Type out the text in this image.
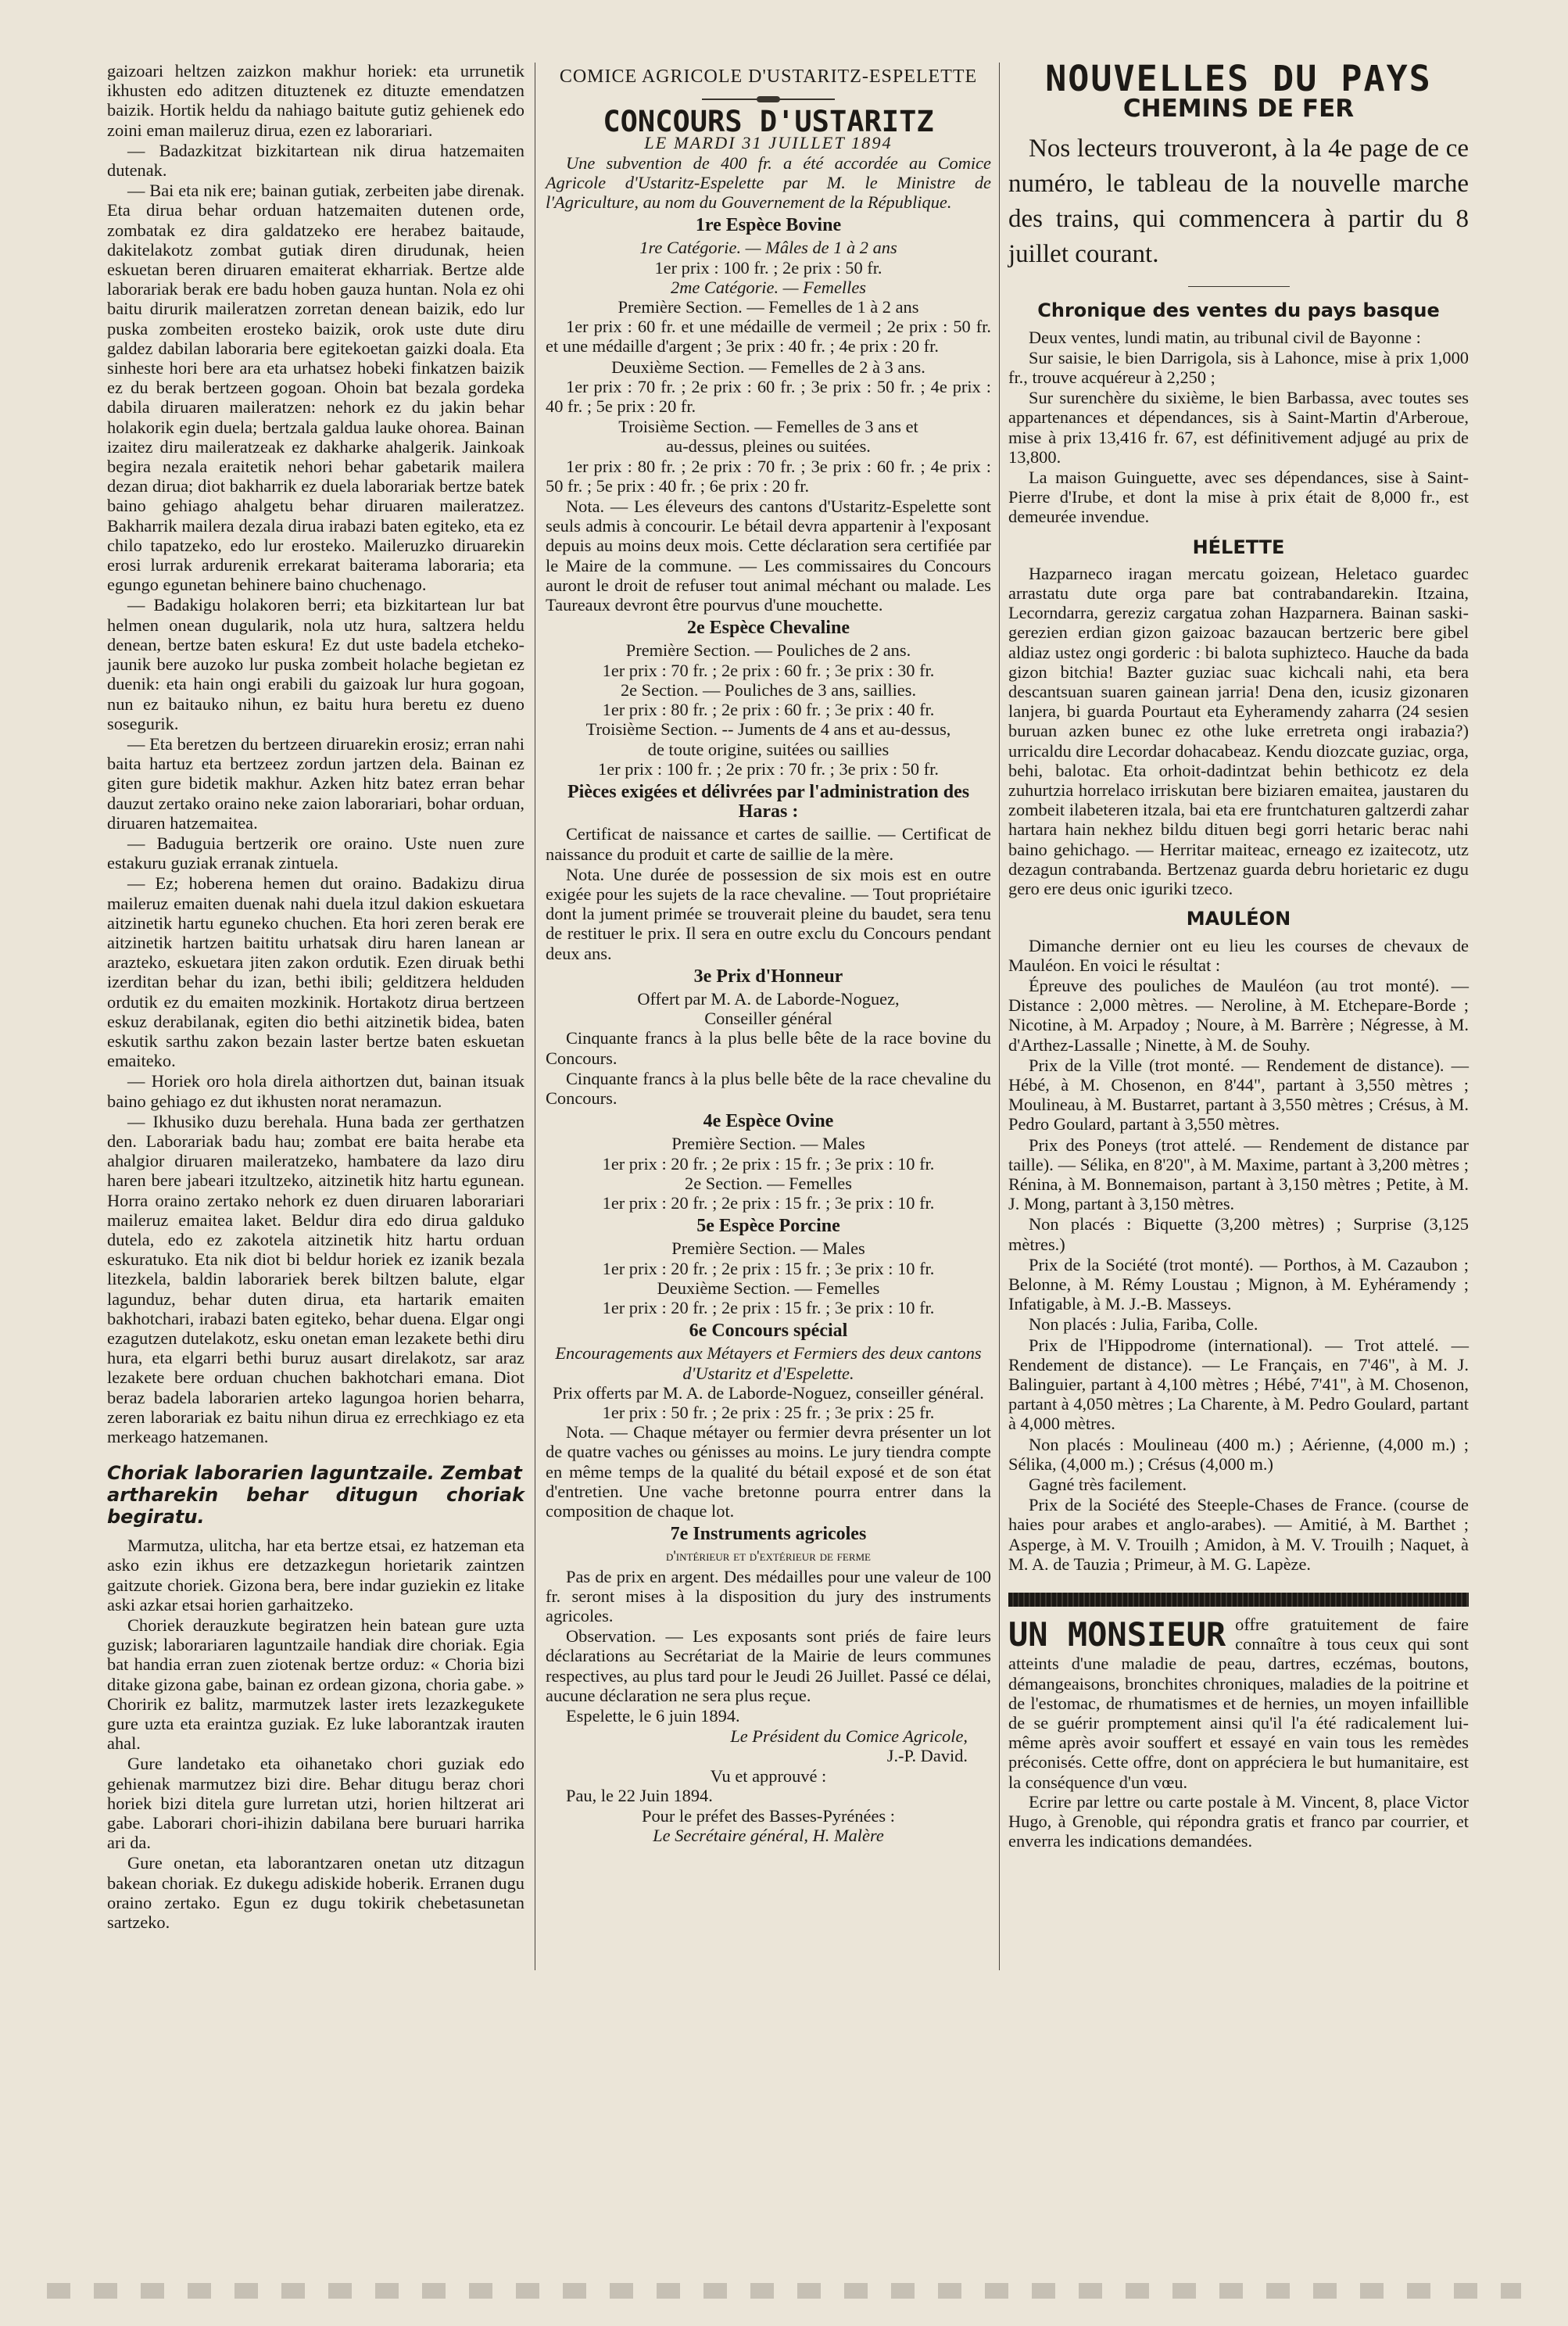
gaizoari heltzen zaizkon makhur horiek: eta urrunetik ikhusten edo aditzen dituztenek ez dituzte emendatzen baizik. Hortik heldu da nahiago baitute gutiz gehienek edo zoini eman maileruz dirua, ezen ez laborariari.

— Badazkitzat bizkitartean nik dirua hatzemaiten dutenak.

— Bai eta nik ere; bainan gutiak, zerbeiten jabe direnak. Eta dirua behar orduan hatzemaiten dutenen orde, zombatak ez dira galdatzeko ere herabez baitaude, dakitelakotz zombat gutiak diren dirudunak, heien eskuetan beren diruaren emaiterat ekharriak. Bertze alde laborariak berak ere badu hoben gauza huntan. Nola ez ohi baitu dirurik maileratzen zorretan denean baizik, edo lur puska zombeiten erosteko baizik, orok uste dute diru galdez dabilan laboraria bere egitekoetan gaizki doala. Eta sinheste hori bere ara eta urhatsez hobeki finkatzen baizik ez du berak bertzeen gogoan. Ohoin bat bezala gordeka dabila diruaren maileratzen: nehork ez du jakin behar holakorik egin duela; bertzala galdua lauke ohorea. Bainan izaitez diru maileratzeak ez dakharke ahalgerik. Jainkoak begira nezala eraitetik nehori behar gabetarik mailera dezan dirua; diot bakharrik ez duela laborariak bertze batek baino gehiago ahalgetu behar diruaren maileratzez. Bakharrik mailera dezala dirua irabazi baten egiteko, eta ez chilo tapatzeko, edo lur erosteko. Maileruzko diruarekin erosi lurrak ardurenik errekarat baiterama laboraria; eta egungo egunetan behinere baino chuchenago.

— Badakigu holakoren berri; eta bizkitartean lur bat helmen onean dugularik, nola utz hura, saltzera heldu denean, bertze baten eskura! Ez dut uste badela etcheko-jaunik bere auzoko lur puska zombeit holache begietan ez duenik: eta hain ongi erabili du gaizoak lur hura gogoan, nun ez baitauko nihun, ez baitu hura beretu ez dueno sosegurik.

— Eta beretzen du bertzeen diruarekin erosiz; erran nahi baita hartuz eta bertzeez zordun jartzen dela. Bainan ez giten gure bidetik makhur. Azken hitz batez erran behar dauzut zertako oraino neke zaion laborariari, bohar orduan, diruaren hatzemaitea.

— Baduguia bertzerik ore oraino. Uste nuen zure estakuru guziak erranak zintuela.

— Ez; hoberena hemen dut oraino. Badakizu dirua maileruz emaiten duenak nahi duela itzul dakion eskuetara aitzinetik hartu eguneko chuchen. Eta hori zeren berak ere aitzinetik hartzen baititu urhatsak diru haren lanean ar arazteko, eskuetara jiten zakon ordutik. Ezen diruak bethi izerditan behar du izan, bethi ibili; gelditzera helduden ordutik ez du emaiten mozkinik. Hortakotz dirua bertzeen eskuz derabilanak, egiten dio bethi aitzinetik bidea, baten eskutik sarthu zakon bezain laster bertze baten eskuetan emaiteko.

— Horiek oro hola direla aithortzen dut, bainan itsuak baino gehiago ez dut ikhusten norat neramazun.

— Ikhusiko duzu berehala. Huna bada zer gerthatzen den. Laborariak badu hau; zombat ere baita herabe eta ahalgior diruaren maileratzeko, hambatere da lazo diru haren bere jabeari itzultzeko, aitzinetik hitz hartu egunean. Horra oraino zertako nehork ez duen diruaren laborariari maileruz emaitea laket. Beldur dira edo dirua galduko dutela, edo ez zakotela aitzinetik hitz hartu orduan eskuratuko. Eta nik diot bi beldur horiek ez izanik bezala litezkela, baldin laborariek berek biltzen balute, elgar lagunduz, behar duten dirua, eta hartarik emaiten bakhotchari, irabazi baten egiteko, behar duena. Elgar ongi ezagutzen dutelakotz, esku onetan eman lezakete bethi diru hura, eta elgarri bethi buruz ausart direlakotz, sar araz lezakete bere orduan chuchen bakhotchari emana. Diot beraz badela laborarien arteko lagungoa horien beharra, zeren laborariak ez baitu nihun dirua ez errechkiago ez eta merkeago hatzemanen.

Choriak laborarien laguntzaile. Zembat
artharekin behar ditugun choriak begiratu.

Marmutza, ulitcha, har eta bertze etsai, ez hatzeman eta asko ezin ikhus ere detzazkegun horietarik zaintzen gaitzute choriek. Gizona bera, bere indar guziekin ez litake aski azkar etsai horien garhaitzeko.

Choriek derauzkute begiratzen hein batean gure uzta guzisk; laborariaren laguntzaile handiak dire choriak. Egia bat handia erran zuen ziotenak bertze orduz: « Choria bizi ditake gizona gabe, bainan ez ordean gizona, choria gabe. » Choririk ez balitz, marmutzek laster irets lezazkegukete gure uzta eta eraintza guziak. Ez luke laborantzak irauten ahal.

Gure landetako eta oihanetako chori guziak edo gehienak marmutzez bizi dire. Behar ditugu beraz chori horiek bizi ditela gure lurretan utzi, horien hiltzerat ari gabe. Laborari chori-ihizin dabilana bere buruari harrika ari da.

Gure onetan, eta laborantzaren onetan utz ditzagun bakean choriak. Ez dukegu adiskide hoberik. Erranen dugu oraino zertako. Egun ez dugu tokirik chebetasunetan sartzeko.

COMICE AGRICOLE D'USTARITZ-ESPELETTE
CONCOURS D'USTARITZ
LE MARDI 31 JUILLET 1894

Une subvention de 400 fr. a été accordée au Comice Agricole d'Ustaritz-Espelette par M. le Ministre de l'Agriculture, au nom du Gouvernement de la République.

1re Espèce Bovine
1re Catégorie. — Mâles de 1 à 2 ans
1er prix : 100 fr. ; 2e prix : 50 fr.
2me Catégorie. — Femelles
Première Section. — Femelles de 1 à 2 ans

1er prix : 60 fr. et une médaille de vermeil ; 2e prix : 50 fr. et une médaille d'argent ; 3e prix : 40 fr. ; 4e prix : 20 fr.

Deuxième Section. — Femelles de 2 à 3 ans.

1er prix : 70 fr. ; 2e prix : 60 fr. ; 3e prix : 50 fr. ; 4e prix : 40 fr. ; 5e prix : 20 fr.

Troisième Section. — Femelles de 3 ans et
au-dessus, pleines ou suitées.

1er prix : 80 fr. ; 2e prix : 70 fr. ; 3e prix : 60 fr. ; 4e prix : 50 fr. ; 5e prix : 40 fr. ; 6e prix : 20 fr.

Nota. — Les éleveurs des cantons d'Ustaritz-Espelette sont seuls admis à concourir. Le bétail devra appartenir à l'exposant depuis au moins deux mois. Cette déclaration sera certifiée par le Maire de la commune. — Les commissaires du Concours auront le droit de refuser tout animal méchant ou malade. Les Taureaux devront être pourvus d'une mouchette.

2e Espèce Chevaline
Première Section. — Pouliches de 2 ans.
1er prix : 70 fr. ; 2e prix : 60 fr. ; 3e prix : 30 fr.
2e Section. — Pouliches de 3 ans, saillies.
1er prix : 80 fr. ; 2e prix : 60 fr. ; 3e prix : 40 fr.
Troisième Section. -- Juments de 4 ans et au-dessus,
de toute origine, suitées ou saillies
1er prix : 100 fr. ; 2e prix : 70 fr. ; 3e prix : 50 fr.
Pièces exigées et délivrées par l'administration des Haras :

Certificat de naissance et cartes de saillie. — Certificat de naissance du produit et carte de saillie de la mère.

Nota. Une durée de possession de six mois est en outre exigée pour les sujets de la race chevaline. — Tout propriétaire dont la jument primée se trouverait pleine du baudet, sera tenu de restituer le prix. Il sera en outre exclu du Concours pendant deux ans.

3e Prix d'Honneur
Offert par M. A. de Laborde-Noguez,
Conseiller général

Cinquante francs à la plus belle bête de la race bovine du Concours.

Cinquante francs à la plus belle bête de la race chevaline du Concours.

4e Espèce Ovine
Première Section. — Males
1er prix : 20 fr. ; 2e prix : 15 fr. ; 3e prix : 10 fr.
2e Section. — Femelles
1er prix : 20 fr. ; 2e prix : 15 fr. ; 3e prix : 10 fr.
5e Espèce Porcine
Première Section. — Males
1er prix : 20 fr. ; 2e prix : 15 fr. ; 3e prix : 10 fr.
Deuxième Section. — Femelles
1er prix : 20 fr. ; 2e prix : 15 fr. ; 3e prix : 10 fr.
6e Concours spécial
Encouragements aux Métayers et Fermiers des deux cantons d'Ustaritz et d'Espelette.
Prix offerts par M. A. de Laborde-Noguez, conseiller général.
1er prix : 50 fr. ; 2e prix : 25 fr. ; 3e prix : 25 fr.

Nota. — Chaque métayer ou fermier devra présenter un lot de quatre vaches ou génisses au moins. Le jury tiendra compte en même temps de la qualité du bétail exposé et de son état d'entretien. Une vache bretonne pourra entrer dans la composition de chaque lot.

7e Instruments agricoles
d'intérieur et d'extérieur de ferme

Pas de prix en argent. Des médailles pour une valeur de 100 fr. seront mises à la disposition du jury des instruments agricoles.

Observation. — Les exposants sont priés de faire leurs déclarations au Secrétariat de la Mairie de leurs communes respectives, au plus tard pour le Jeudi 26 Juillet. Passé ce délai, aucune déclaration ne sera plus reçue.

Espelette, le 6 juin 1894.

Le Président du Comice Agricole,
J.-P. David.
Vu et approuvé :

Pau, le 22 Juin 1894.

Pour le préfet des Basses-Pyrénées :
Le Secrétaire général, H. Malère
NOUVELLES DU PAYS
CHEMINS DE FER
Nos lecteurs trouveront, à la 4e page de ce numéro, le tableau de la nouvelle marche des trains, qui commencera à partir du 8 juillet courant.
Chronique des ventes du pays basque

Deux ventes, lundi matin, au tribunal civil de Bayonne :

Sur saisie, le bien Darrigola, sis à Lahonce, mise à prix 1,000 fr., trouve acquéreur à 2,250 ;

Sur surenchère du sixième, le bien Barbassa, avec toutes ses appartenances et dépendances, sis à Saint-Martin d'Arberoue, mise à prix 13,416 fr. 67, est définitivement adjugé au prix de 13,800.

La maison Guinguette, avec ses dépendances, sise à Saint-Pierre d'Irube, et dont la mise à prix était de 8,000 fr., est demeurée invendue.

HÉLETTE

Hazparneco iragan mercatu goizean, Heletaco guardec arrastatu dute orga pare bat contrabandarekin. Itzaina, Lecorndarra, gereziz cargatua zohan Hazparnera. Bainan saski-gerezien erdian gizon gaizoac bazaucan bertzeric bere gibel aldiaz ustez ongi gorderic : bi balota suphizteco. Hauche da bada gizon bitchia! Bazter guziac suac kichcali nahi, eta bera descantsuan suaren gainean jarria! Dena den, icusiz gizonaren lanjera, bi guarda Pourtaut eta Eyheramendy zaharra (24 sesien buruan azken bunec ez othe luke erretreta ongi irabazia?) urricaldu dire Lecordar dohacabeaz. Kendu diozcate guziac, orga, behi, balotac. Eta orhoit-dadintzat behin bethicotz ez dela zuhurtzia horrelaco irriskutan bere biziaren emaitea, jaustaren du zombeit ilabeteren itzala, bai eta ere fruntchaturen galtzerdi zahar hartara hain nekhez bildu dituen begi gorri hetaric berac nahi baino gehichago. — Herritar maiteac, erneago ez izaitecotz, utz dezagun contrabanda. Bertzenaz guarda debru horietaric ez dugu gero ere deus onic iguriki tzeco.

MAULÉON

Dimanche dernier ont eu lieu les courses de chevaux de Mauléon. En voici le résultat :

Épreuve des pouliches de Mauléon (au trot monté). — Distance : 2,000 mètres. — Neroline, à M. Etchepare-Borde ; Nicotine, à M. Arpadoy ; Noure, à M. Barrère ; Négresse, à M. d'Arthez-Lassalle ; Ninette, à M. de Souhy.

Prix de la Ville (trot monté. — Rendement de distance). — Hébé, à M. Chosenon, en 8'44", partant à 3,550 mètres ; Moulineau, à M. Bustarret, partant à 3,550 mètres ; Crésus, à M. Pedro Goulard, partant à 3,550 mètres.

Prix des Poneys (trot attelé. — Rendement de distance par taille). — Sélika, en 8'20", à M. Maxime, partant à 3,200 mètres ; Rénina, à M. Bonnemaison, partant à 3,150 mètres ; Petite, à M. J. Mong, partant à 3,150 mètres.

Non placés : Biquette (3,200 mètres) ; Surprise (3,125 mètres.)

Prix de la Société (trot monté). — Porthos, à M. Cazaubon ; Belonne, à M. Rémy Loustau ; Mignon, à M. Eyhéramendy ; Infatigable, à M. J.-B. Masseys.

Non placés : Julia, Fariba, Colle.

Prix de l'Hippodrome (international). — Trot attelé. — Rendement de distance). — Le Français, en 7'46", à M. J. Balinguier, partant à 4,100 mètres ; Hébé, 7'41", à M. Chosenon, partant à 4,050 mètres ; La Charente, à M. Pedro Goulard, partant à 4,000 mètres.

Non placés : Moulineau (400 m.) ; Aérienne, (4,000 m.) ; Sélika, (4,000 m.) ; Crésus (4,000 m.)

Gagné très facilement.

Prix de la Société des Steeple-Chases de France. (course de haies pour arabes et anglo-arabes). — Amitié, à M. Barthet ; Asperge, à M. V. Trouilh ; Amidon, à M. V. Trouilh ; Naquet, à M. A. de Tauzia ; Primeur, à M. G. Lapèze.

UN MONSIEUR offre gratuitement de faire connaître à tous ceux qui sont atteints d'une maladie de peau, dartres, eczémas, boutons, démangeaisons, bronchites chroniques, maladies de la poitrine et de l'estomac, de rhumatismes et de hernies, un moyen infaillible de se guérir promptement ainsi qu'il l'a été radicalement lui-même après avoir souffert et essayé en vain tous les remèdes préconisés. Cette offre, dont on appréciera le but humanitaire, est la conséquence d'un vœu.

Ecrire par lettre ou carte postale à M. Vincent, 8, place Victor Hugo, à Grenoble, qui répondra gratis et franco par courrier, et enverra les indications demandées.
